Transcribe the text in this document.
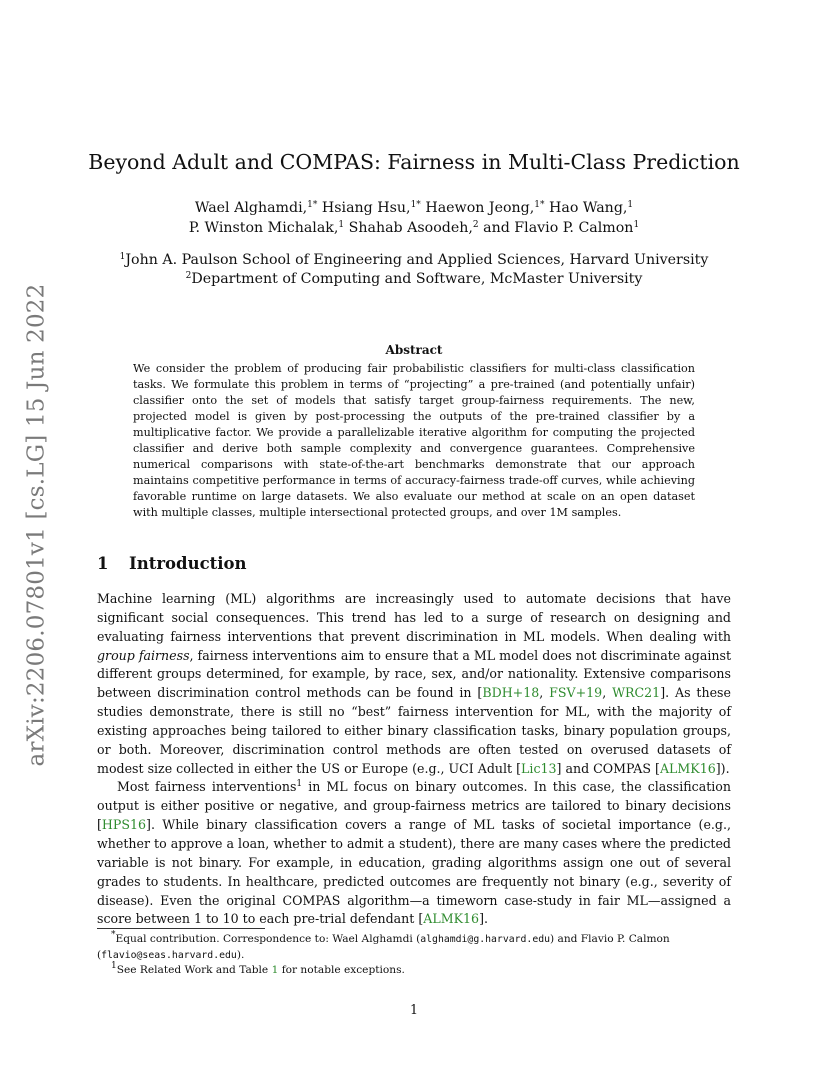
arXiv:2206.07801v1 [cs.LG] 15 Jun 2022
Beyond Adult and COMPAS: Fairness in Multi-Class Prediction
Wael Alghamdi,$^{1*}$ Hsiang Hsu,$^{1*}$ Haewon Jeong,$^{1*}$ Hao Wang,$^1$
P. Winston Michalak,$^1$ Shahab Asoodeh,$^2$ and Flavio P. Calmon$^1$
$^1$John A. Paulson School of Engineering and Applied Sciences, Harvard University
$^2$Department of Computing and Software, McMaster University
Abstract
We consider the problem of producing fair probabilistic classifiers for multi-class classification tasks. We formulate this problem in terms of “projecting” a pre-trained (and potentially unfair) classifier onto the set of models that satisfy target group-fairness requirements. The new, projected model is given by post-processing the outputs of the pre-trained classifier by a multiplicative factor. We provide a parallelizable iterative algorithm for computing the projected classifier and derive both sample complexity and convergence guarantees. Comprehensive numerical comparisons with state-of-the-art benchmarks demonstrate that our approach maintains competitive performance in terms of accuracy-fairness trade-off curves, while achieving favorable runtime on large datasets. We also evaluate our method at scale on an open dataset with multiple classes, multiple intersectional protected groups, and over 1M samples.
1 Introduction

Machine learning (ML) algorithms are increasingly used to automate decisions that have significant social consequences. This trend has led to a surge of research on designing and evaluating fairness interventions that prevent discrimination in ML models. When dealing with group fairness, fairness interventions aim to ensure that a ML model does not discriminate against different groups determined, for example, by race, sex, and/or nationality. Extensive comparisons between discrimination control methods can be found in [BDH+18, FSV+19, WRC21]. As these studies demonstrate, there is still no “best” fairness intervention for ML, with the majority of existing approaches being tailored to either binary classification tasks, binary population groups, or both. Moreover, discrimination control methods are often tested on overused datasets of modest size collected in either the US or Europe (e.g., UCI Adult [Lic13] and COMPAS [ALMK16]).

Most fairness interventions$^1$ in ML focus on binary outcomes. In this case, the classification output is either positive or negative, and group-fairness metrics are tailored to binary decisions [HPS16]. While binary classification covers a range of ML tasks of societal importance (e.g., whether to approve a loan, whether to admit a student), there are many cases where the predicted variable is not binary. For example, in education, grading algorithms assign one out of several grades to students. In healthcare, predicted outcomes are frequently not binary (e.g., severity of disease). Even the original COMPAS algorithm—a timeworn case-study in fair ML—assigned a score between 1 to 10 to each pre-trial defendant [ALMK16].

*Equal contribution. Correspondence to: Wael Alghamdi (alghamdi@g.harvard.edu) and Flavio P. Calmon (flavio@seas.harvard.edu).

$^1$See Related Work and Table 1 for notable exceptions.

1
